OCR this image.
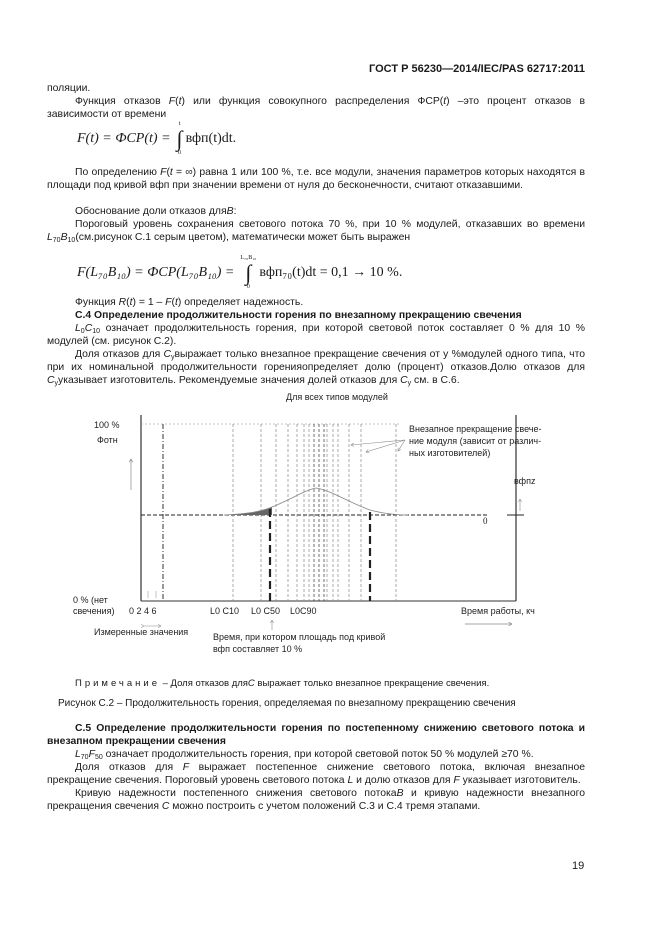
ГОСТ Р 56230—2014/IEC/PAS 62717:2011
поляции.
Функция отказов F(t) или функция совокупного распределения ФСР(t) –это процент отказов в зависимости от времени
F(t) = ФСР(t) =
t
∫
0
вфп(t)dt.
По определению F(t = ∞) равна 1 или 100 %, т.е. все модули, значения параметров которых находятся в площади под кривой вфп при значении времени от нуля до бесконечности, считают отказавшими.
Обоснование доли отказов дляB:
Пороговый уровень сохранения светового потока 70 %, при 10 % модулей, отказавших во времени $L_{70}B_{10}(см.рисунок$ С.1 серым цветом), математически может быть выражен
F(L₇₀B₁₀) = ФСР(L₇₀B₁₀) =
L₇₀B₁₀
∫
0
вфп₇₀(t)dt = 0,1 → 10 %.
Функция R(t) = 1 – F(t) определяет надежность.
С.4 Определение продолжительности горения по внезапному прекращению свечения
$L_0C_{10}$ означает продолжительность горения, при которой световой поток составляет 0 % для 10 % модулей (см. рисунок С.2).
Доля отказов для $C_yвыражает$ только внезапное прекращение свечения от y %модулей одного типа, что при их номинальной продолжительности горенияопределяет долю (процент) отказов.Долю отказов для $C_yуказывает$ изготовитель. Рекомендуемые значения долей отказов для $C_y$ см. в С.6.
Для всех типов модулей
100 %
Фотн
0 % (нет
свечения) 0 2 4 6	L0 C10 L0 C50 L0C90	Время работы, кч
Измеренные значения	Время, при котором площадь под кривой
вфп составляет 10 %
Внезапное прекращение свече-
ние модуля (зависит от различ-
ных изготовителей)
вфпz
0
Примечание – Доля отказов дляC выражает только внезапное прекращение свечения.
Рисунок С.2 – Продолжительность горения, определяемая по внезапному прекращению свечения
С.5 Определение продолжительности горения по постепенному снижению светового потока и внезапном прекращении свечения
$L_{70}F_{50}$ означает продолжительность горения, при которой световой поток 50 % модулей ≥70 %.
Доля отказов для F выражает постепенное снижение светового потока, включая внезапное прекращение свечения. Пороговый уровень светового потока L и долю отказов для F указывает изготовитель.
Кривую надежности постепенного снижения светового потокаB и кривую надежности внезапного прекращения свечения C можно построить с учетом положений С.3 и С.4 тремя этапами.
19
